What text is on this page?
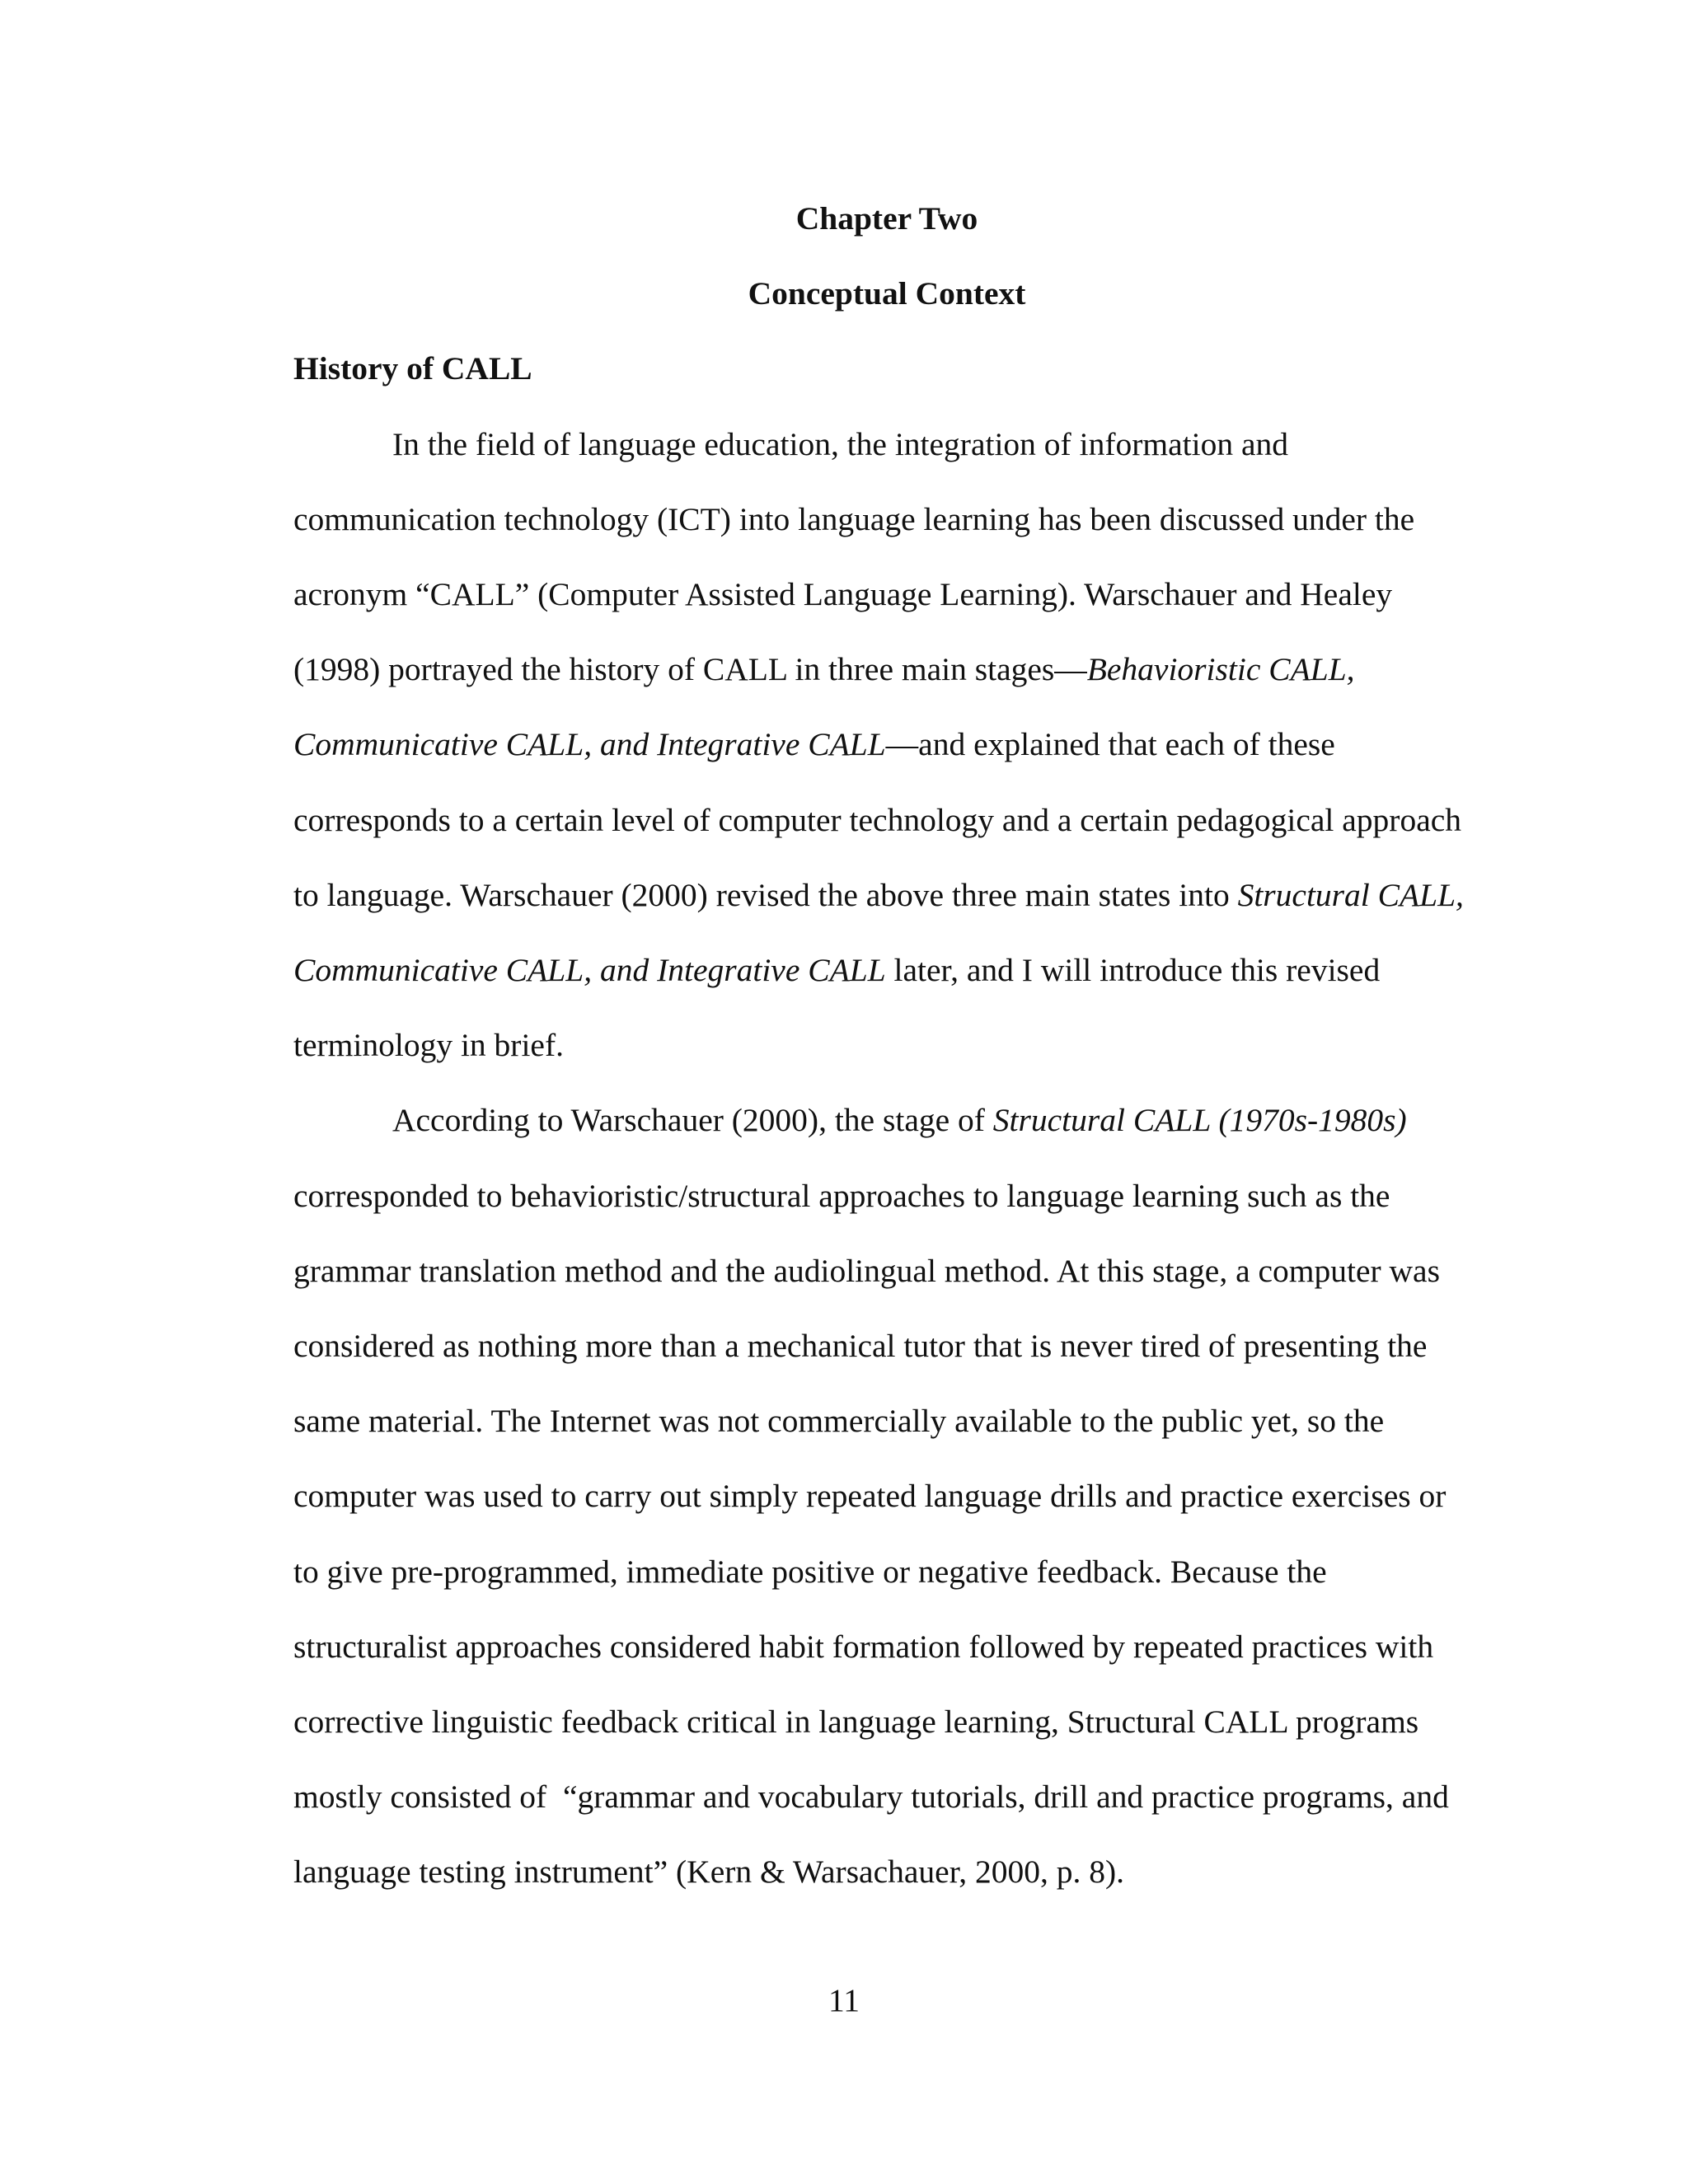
Chapter Two

Conceptual Context

History of CALL

In the field of language education, the integration of information and
communication technology (ICT) into language learning has been discussed under the
acronym “CALL” (Computer Assisted Language Learning). Warschauer and Healey
(1998) portrayed the history of CALL in three main stages—Behavioristic CALL,
Communicative CALL, and Integrative CALL—and explained that each of these
corresponds to a certain level of computer technology and a certain pedagogical approach
to language. Warschauer (2000) revised the above three main states into Structural CALL,
Communicative CALL, and Integrative CALL later, and I will introduce this revised
terminology in brief.
According to Warschauer (2000), the stage of Structural CALL (1970s-1980s)
corresponded to behavioristic/structural approaches to language learning such as the
grammar translation method and the audiolingual method. At this stage, a computer was
considered as nothing more than a mechanical tutor that is never tired of presenting the
same material. The Internet was not commercially available to the public yet, so the
computer was used to carry out simply repeated language drills and practice exercises or
to give pre-programmed, immediate positive or negative feedback. Because the
structuralist approaches considered habit formation followed by repeated practices with
corrective linguistic feedback critical in language learning, Structural CALL programs
mostly consisted of  “grammar and vocabulary tutorials, drill and practice programs, and
language testing instrument” (Kern & Warsachauer, 2000, p. 8).
11
